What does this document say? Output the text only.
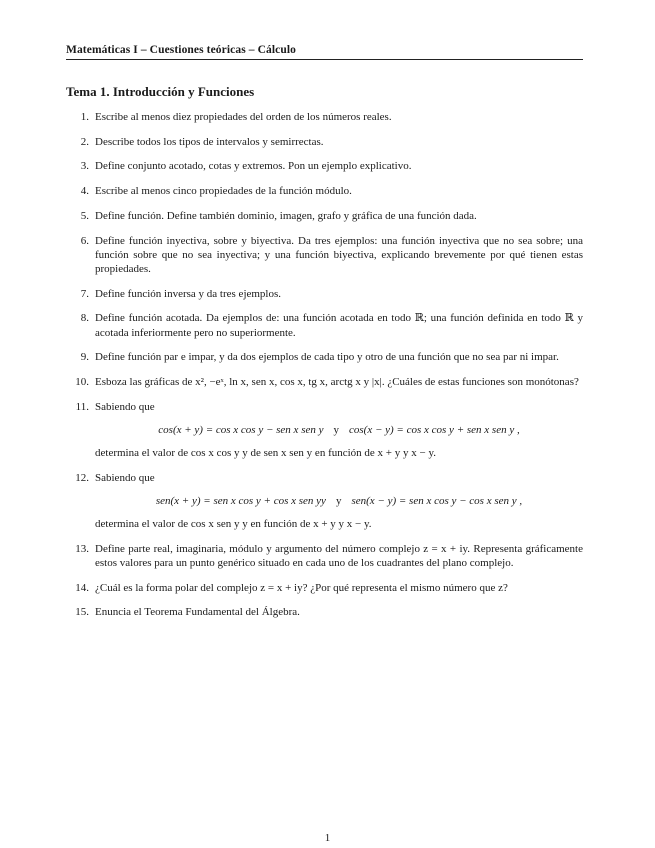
Matemáticas I – Cuestiones teóricas – Cálculo
Tema 1. Introducción y Funciones
1. Escribe al menos diez propiedades del orden de los números reales.
2. Describe todos los tipos de intervalos y semirrectas.
3. Define conjunto acotado, cotas y extremos. Pon un ejemplo explicativo.
4. Escribe al menos cinco propiedades de la función módulo.
5. Define función. Define también dominio, imagen, grafo y gráfica de una función dada.
6. Define función inyectiva, sobre y biyectiva. Da tres ejemplos: una función inyectiva que no sea sobre; una función sobre que no sea inyectiva; y una función biyectiva, explicando brevemente por qué tienen estas propiedades.
7. Define función inversa y da tres ejemplos.
8. Define función acotada. Da ejemplos de: una función acotada en todo ℝ; una función definida en todo ℝ y acotada inferiormente pero no superiormente.
9. Define función par e impar, y da dos ejemplos de cada tipo y otro de una función que no sea par ni impar.
10. Esboza las gráficas de x², −eˣ, ln x, sen x, cos x, tg x, arctg x y |x|. ¿Cuáles de estas funciones son monótonas?
11. Sabiendo que
cos(x + y) = cos x cos y − sen x sen y y cos(x − y) = cos x cos y + sen x sen y ,
determina el valor de cos x cos y y de sen x sen y en función de x + y y x − y.
12. Sabiendo que
sen(x + y) = sen x cos y + cos x sen yy y sen(x − y) = sen x cos y − cos x sen y ,
determina el valor de cos x sen y y en función de x + y y x − y.
13. Define parte real, imaginaria, módulo y argumento del número complejo z = x + iy. Representa gráficamente estos valores para un punto genérico situado en cada uno de los cuadrantes del plano complejo.
14. ¿Cuál es la forma polar del complejo z = x + iy? ¿Por qué representa el mismo número que z?
15. Enuncia el Teorema Fundamental del Álgebra.
1
